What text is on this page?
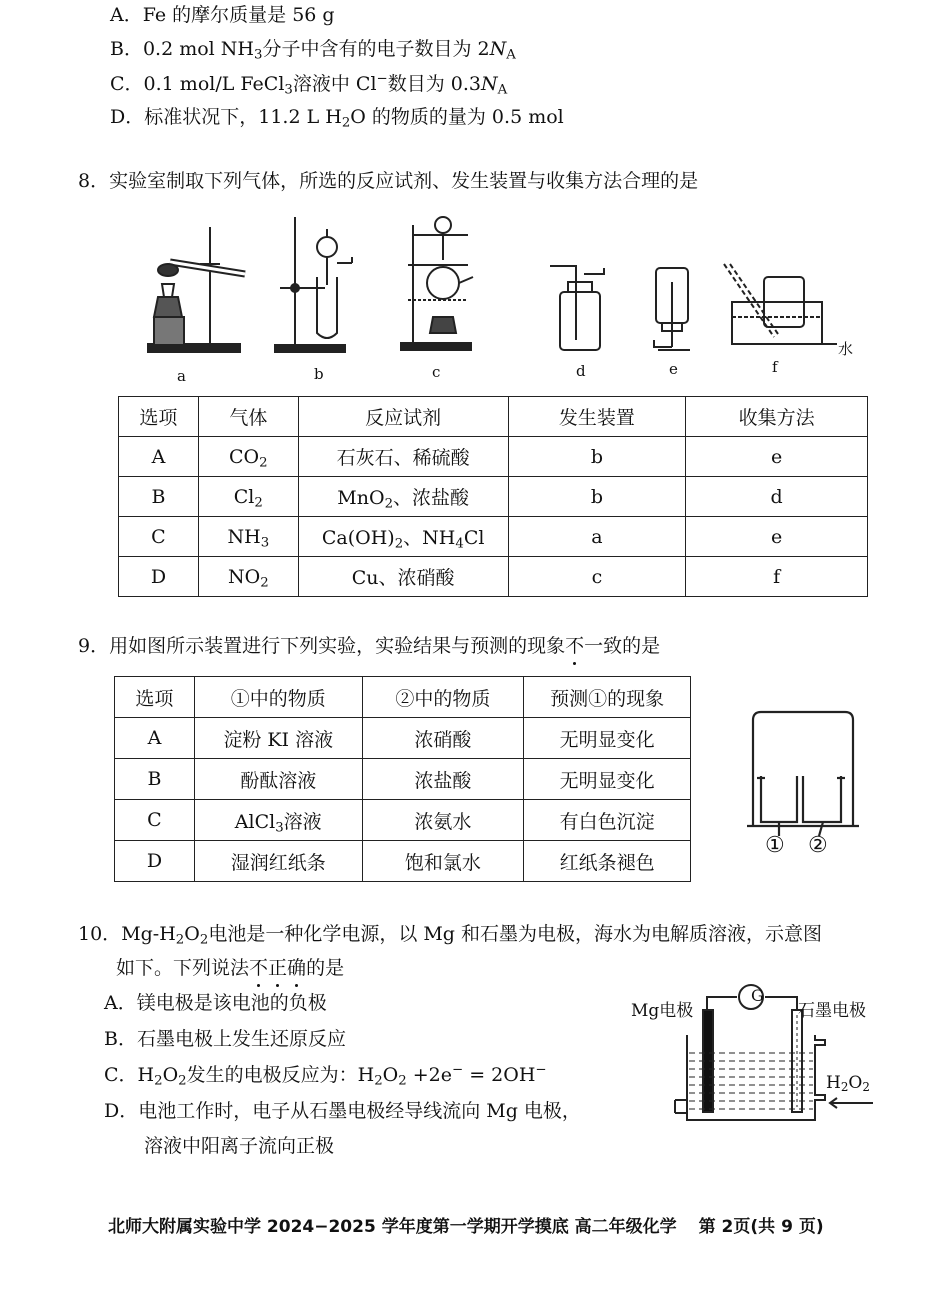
A．Fe 的摩尔质量是 56 g
B．0.2 mol $NH_3$分子中含有的电子数目为 $2N_A$
C．0.1 mol/L FeCl$_3$溶液中 Cl−数目为 $0.3N_A$
D．标准状况下，11.2 L $H_2O$ 的物质的量为 0.5 mol
8．实验室制取下列气体，所选的反应试剂、发生装置与收集方法合理的是
水
a	b	c	d	e	f
选项	气体	反应试剂	发生装置	收集方法
A	$CO_2$	石灰石、稀硫酸	b	e
B	$Cl_2$	MnO$_2$、浓盐酸	b	d
C	$NH_3$	$Ca(OH)_2$、$NH_4Cl$	a	e
D	$NO_2$	Cu、浓硝酸	c	f
9．用如图所示装置进行下列实验，实验结果与预测的现象不一致的是
选项	①中的物质	②中的物质	预测①的现象
A	淀粉 KI 溶液	浓硝酸	无明显变化
B	酚酞溶液	浓盐酸	无明显变化
C	AlCl$_3$溶液	浓氨水	有白色沉淀
D	湿润红纸条	饱和氯水	红纸条褪色
① ②
10．$Mg-H_2O_2$电池是一种化学电源，以 Mg 和石墨为电极，海水为电解质溶液，示意图
如下。下列说法不正确的是
A．镁电极是该电池的负极
B．石墨电极上发生还原反应
C．$H_2O_2$发生的电极反应为：$H_2O_2 +2e^- = 2OH^-$
D．电池工作时，电子从石墨电极经导线流向 Mg 电极，
溶液中阳离子流向正极
G
Mg电极	石墨电极
$H_2O_2$
北师大附属实验中学 2024−2025 学年度第一学期开学摸底 高二年级化学 第 2页(共 9 页)
